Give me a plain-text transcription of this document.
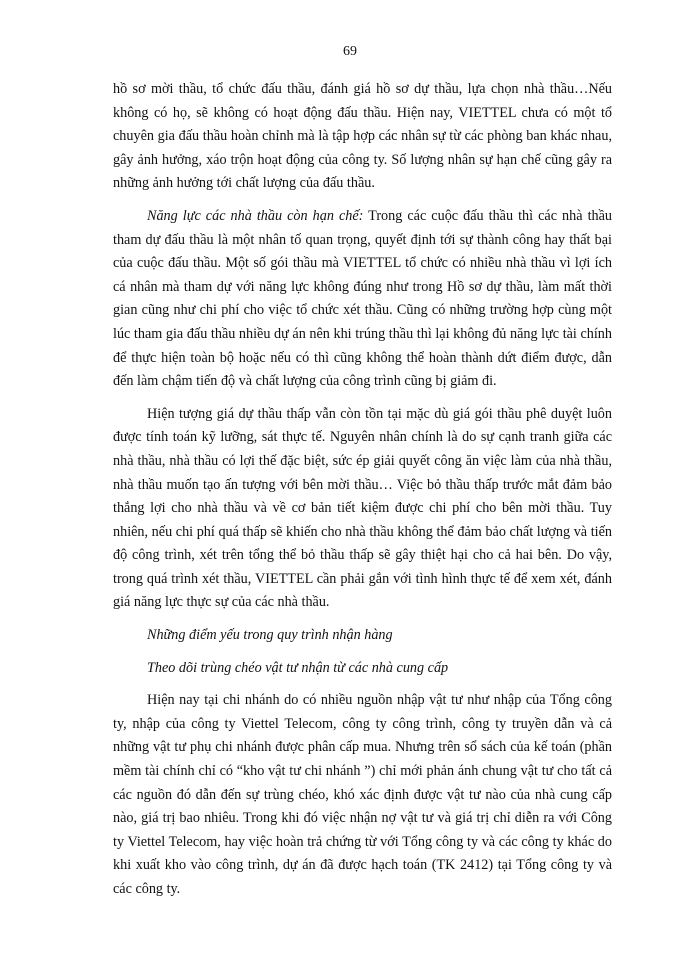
69

hồ sơ mời thầu, tổ chức đấu thầu, đánh giá hồ sơ dự thầu, lựa chọn nhà thầu…Nếu không có họ, sẽ không có hoạt động đấu thầu. Hiện nay, VIETTEL chưa có một tổ chuyên gia đấu thầu hoàn chỉnh mà là tập hợp các nhân sự từ các phòng ban khác nhau, gây ảnh hưởng, xáo trộn hoạt động của công ty. Số lượng nhân sự hạn chế cũng gây ra những ảnh hưởng tới chất lượng của đấu thầu.

Năng lực các nhà thầu còn hạn chế: Trong các cuộc đấu thầu thì các nhà thầu tham dự đấu thầu là một nhân tố quan trọng, quyết định tới sự thành công hay thất bại của cuộc đấu thầu. Một số gói thầu mà VIETTEL tổ chức có nhiều nhà thầu vì lợi ích cá nhân mà tham dự với năng lực không đúng như trong Hồ sơ dự thầu, làm mất thời gian cũng như chi phí cho việc tổ chức xét thầu. Cũng có những trường hợp cùng một lúc tham gia đấu thầu nhiều dự án nên khi trúng thầu thì lại không đủ năng lực tài chính để thực hiện toàn bộ hoặc nếu có thì cũng không thể hoàn thành dứt điểm được, dẫn đến làm chậm tiến độ và chất lượng của công trình cũng bị giảm đi.

Hiện tượng giá dự thầu thấp vẫn còn tồn tại mặc dù giá gói thầu phê duyệt luôn được tính toán kỹ lưỡng, sát thực tế. Nguyên nhân chính là do sự cạnh tranh giữa các nhà thầu, nhà thầu có lợi thế đặc biệt, sức ép giải quyết công ăn việc làm của nhà thầu, nhà thầu muốn tạo ấn tượng với bên mời thầu… Việc bỏ thầu thấp trước mắt đảm bảo thắng lợi cho nhà thầu và về cơ bản tiết kiệm được chi phí cho bên mời thầu. Tuy nhiên, nếu chi phí quá thấp sẽ khiến cho nhà thầu không thể đảm bảo chất lượng và tiến độ công trình, xét trên tổng thể bỏ thầu thấp sẽ gây thiệt hại cho cả hai bên. Do vậy, trong quá trình xét thầu, VIETTEL cần phải gắn với tình hình thực tế để xem xét, đánh giá năng lực thực sự của các nhà thầu.

Những điểm yếu trong quy trình nhận hàng

Theo dõi trùng chéo vật tư nhận từ các nhà cung cấp

Hiện nay tại chi nhánh do có nhiều nguồn nhập vật tư như nhập của Tổng công ty, nhập của công ty Viettel Telecom, công ty công trình, công ty truyền dẫn và cả những vật tư phụ chi nhánh được phân cấp mua. Nhưng trên sổ sách của kế toán (phần mềm tài chính chỉ có “kho vật tư chi nhánh ”) chỉ mới phản ánh chung vật tư cho tất cả các nguồn đó dẫn đến sự trùng chéo, khó xác định được vật tư nào của nhà cung cấp nào, giá trị bao nhiêu. Trong khi đó việc nhận nợ vật tư và giá trị chỉ diễn ra với Công ty Viettel Telecom, hay việc hoàn trả chứng từ với Tổng công ty và các công ty khác do khi xuất kho vào công trình, dự án đã được hạch toán (TK 2412) tại Tổng công ty và các công ty.
